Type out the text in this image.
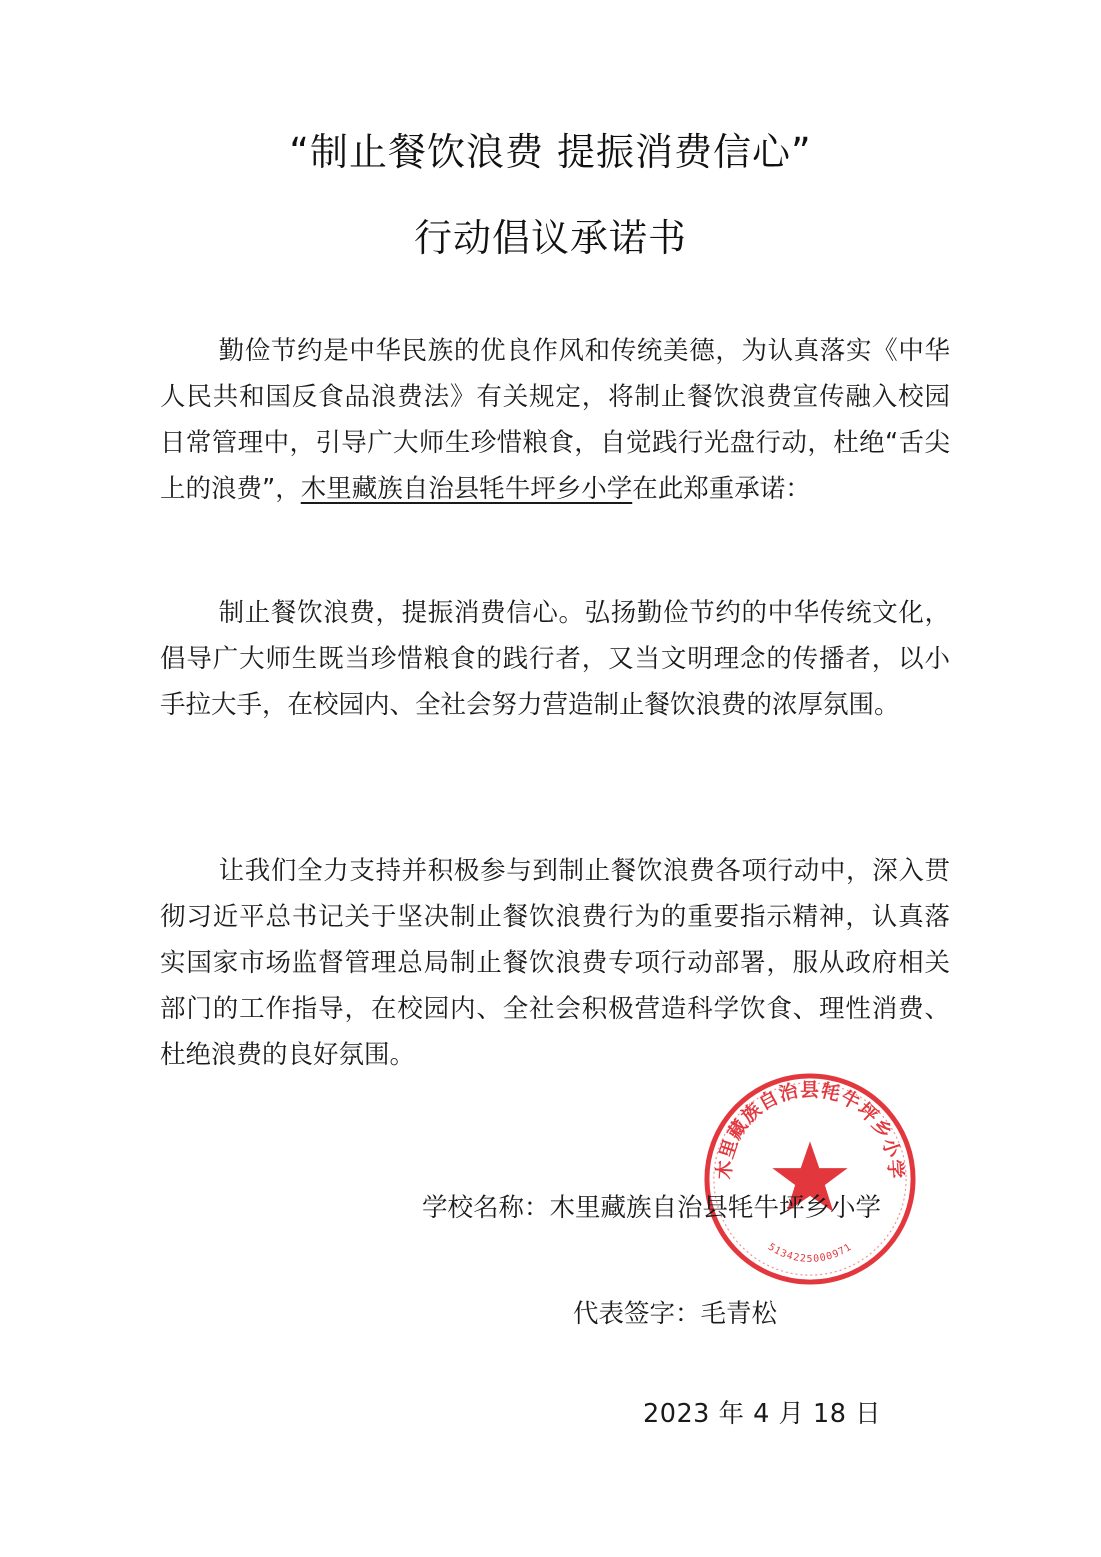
“制止餐饮浪费 提振消费信心”
行动倡议承诺书

勤俭节约是中华民族的优良作风和传统美德，为认真落实《中华人民共和国反食品浪费法》有关规定，将制止餐饮浪费宣传融入校园日常管理中，引导广大师生珍惜粮食，自觉践行光盘行动，杜绝“舌尖上的浪费”，木里藏族自治县牦牛坪乡小学在此郑重承诺：

制止餐饮浪费，提振消费信心。弘扬勤俭节约的中华传统文化，倡导广大师生既当珍惜粮食的践行者，又当文明理念的传播者，以小手拉大手，在校园内、全社会努力营造制止餐饮浪费的浓厚氛围。

让我们全力支持并积极参与到制止餐饮浪费各项行动中，深入贯彻习近平总书记关于坚决制止餐饮浪费行为的重要指示精神，认真落实国家市场监督管理总局制止餐饮浪费专项行动部署，服从政府相关部门的工作指导，在校园内、全社会积极营造科学饮食、理性消费、杜绝浪费的良好氛围。

木里藏族自治县牦牛坪乡小学
5134225000971
学校名称：木里藏族自治县牦牛坪乡小学
代表签字：毛青松
2023 年 4 月 18 日
